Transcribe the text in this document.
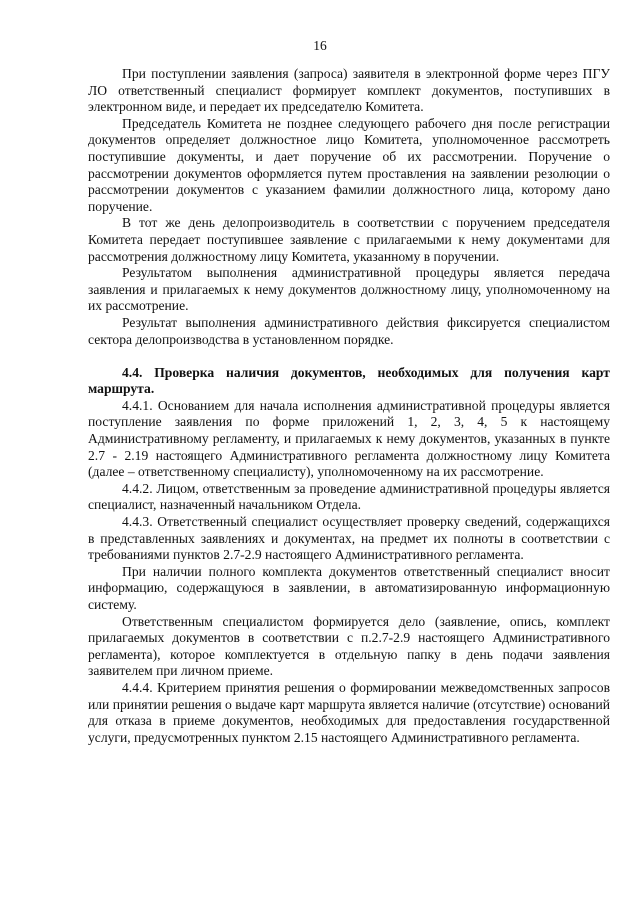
16

При поступлении заявления (запроса) заявителя в электронной форме через ПГУ ЛО ответственный специалист формирует комплект документов, поступивших в электронном виде, и передает их председателю Комитета.

Председатель Комитета не позднее следующего рабочего дня после регистрации документов определяет должностное лицо Комитета, уполномоченное рассмотреть поступившие документы, и дает поручение об их рассмотрении. Поручение о рассмотрении документов оформляется путем проставления на заявлении резолюции о рассмотрении документов с указанием фамилии должностного лица, которому дано поручение.

В тот же день делопроизводитель в соответствии с поручением председателя Комитета передает поступившее заявление с прилагаемыми к нему документами для рассмотрения должностному лицу Комитета, указанному в поручении.

Результатом выполнения административной процедуры является передача заявления и прилагаемых к нему документов должностному лицу, уполномоченному на их рассмотрение.

Результат выполнения административного действия фиксируется специалистом сектора делопроизводства в установленном порядке.

4.4. Проверка наличия документов, необходимых для получения карт маршрута.

4.4.1. Основанием для начала исполнения административной процедуры является поступление заявления по форме приложений 1, 2, 3, 4, 5 к настоящему Административному регламенту, и прилагаемых к нему документов, указанных в пункте 2.7 - 2.19 настоящего Административного регламента должностному лицу Комитета (далее – ответственному специалисту), уполномоченному на их рассмотрение.

4.4.2. Лицом, ответственным за проведение административной процедуры является специалист, назначенный начальником Отдела.

4.4.3. Ответственный специалист осуществляет проверку сведений, содержащихся в представленных заявлениях и документах, на предмет их полноты в соответствии с требованиями пунктов 2.7-2.9 настоящего Административного регламента.

При наличии полного комплекта документов ответственный специалист вносит информацию, содержащуюся в заявлении, в автоматизированную информационную систему.

Ответственным специалистом формируется дело (заявление, опись, комплект прилагаемых документов в соответствии с п.2.7-2.9 настоящего Административного регламента), которое комплектуется в отдельную папку в день подачи заявления заявителем при личном приеме.

4.4.4. Критерием принятия решения о формировании межведомственных запросов или принятии решения о выдаче карт маршрута является наличие (отсутствие) оснований для отказа в приеме документов, необходимых для предоставления государственной услуги, предусмотренных пунктом 2.15 настоящего Административного регламента.
